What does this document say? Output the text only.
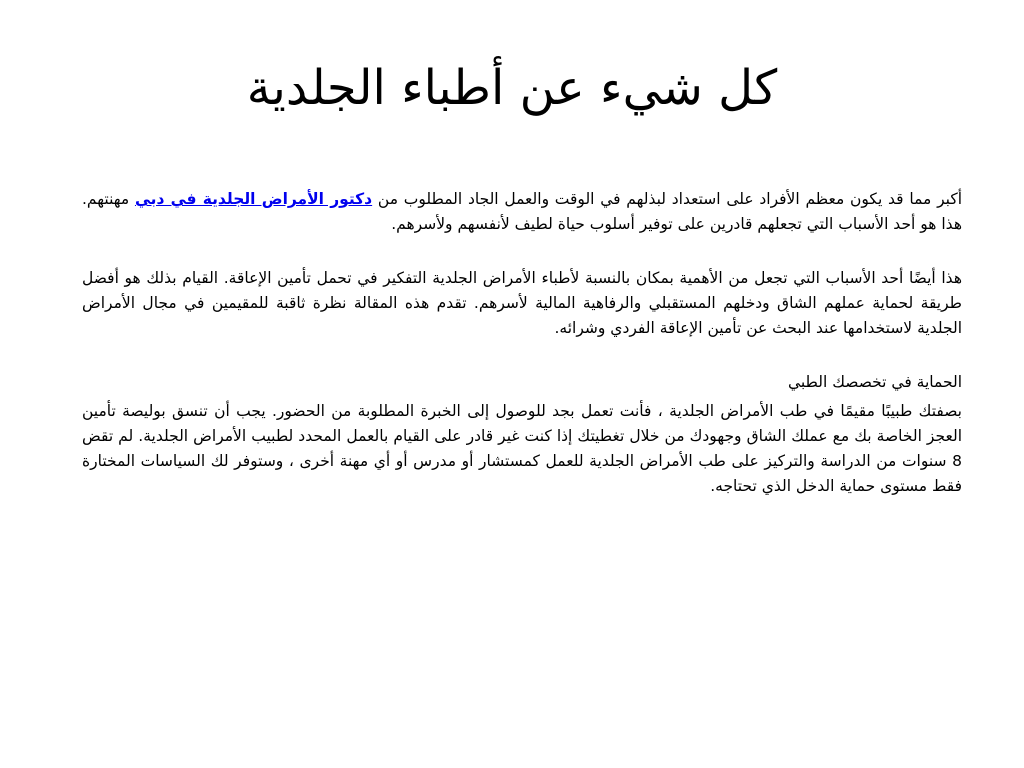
كل شيء عن أطباء الجلدية

أكبر مما قد يكون معظم الأفراد على استعداد لبذلهم في الوقت والعمل الجاد المطلوب من دكتور الأمراض الجلدية في دبي مهنتهم. هذا هو أحد الأسباب التي تجعلهم قادرين على توفير أسلوب حياة لطيف لأنفسهم ولأسرهم.

هذا أيضًا أحد الأسباب التي تجعل من الأهمية بمكان بالنسبة لأطباء الأمراض الجلدية التفكير في تحمل تأمين الإعاقة. القيام بذلك هو أفضل طريقة لحماية عملهم الشاق ودخلهم المستقبلي والرفاهية المالية لأسرهم. تقدم هذه المقالة نظرة ثاقبة للمقيمين في مجال الأمراض الجلدية لاستخدامها عند البحث عن تأمين الإعاقة الفردي وشرائه.

الحماية في تخصصك الطبي

بصفتك طبيبًا مقيمًا في طب الأمراض الجلدية ، فأنت تعمل بجد للوصول إلى الخبرة المطلوبة من الحضور. يجب أن تنسق بوليصة تأمين العجز الخاصة بك مع عملك الشاق وجهودك من خلال تغطيتك إذا كنت غير قادر على القيام بالعمل المحدد لطبيب الأمراض الجلدية. لم تقض 8 سنوات من الدراسة والتركيز على طب الأمراض الجلدية للعمل كمستشار أو مدرس أو أي مهنة أخرى ، وستوفر لك السياسات المختارة فقط مستوى حماية الدخل الذي تحتاجه.
